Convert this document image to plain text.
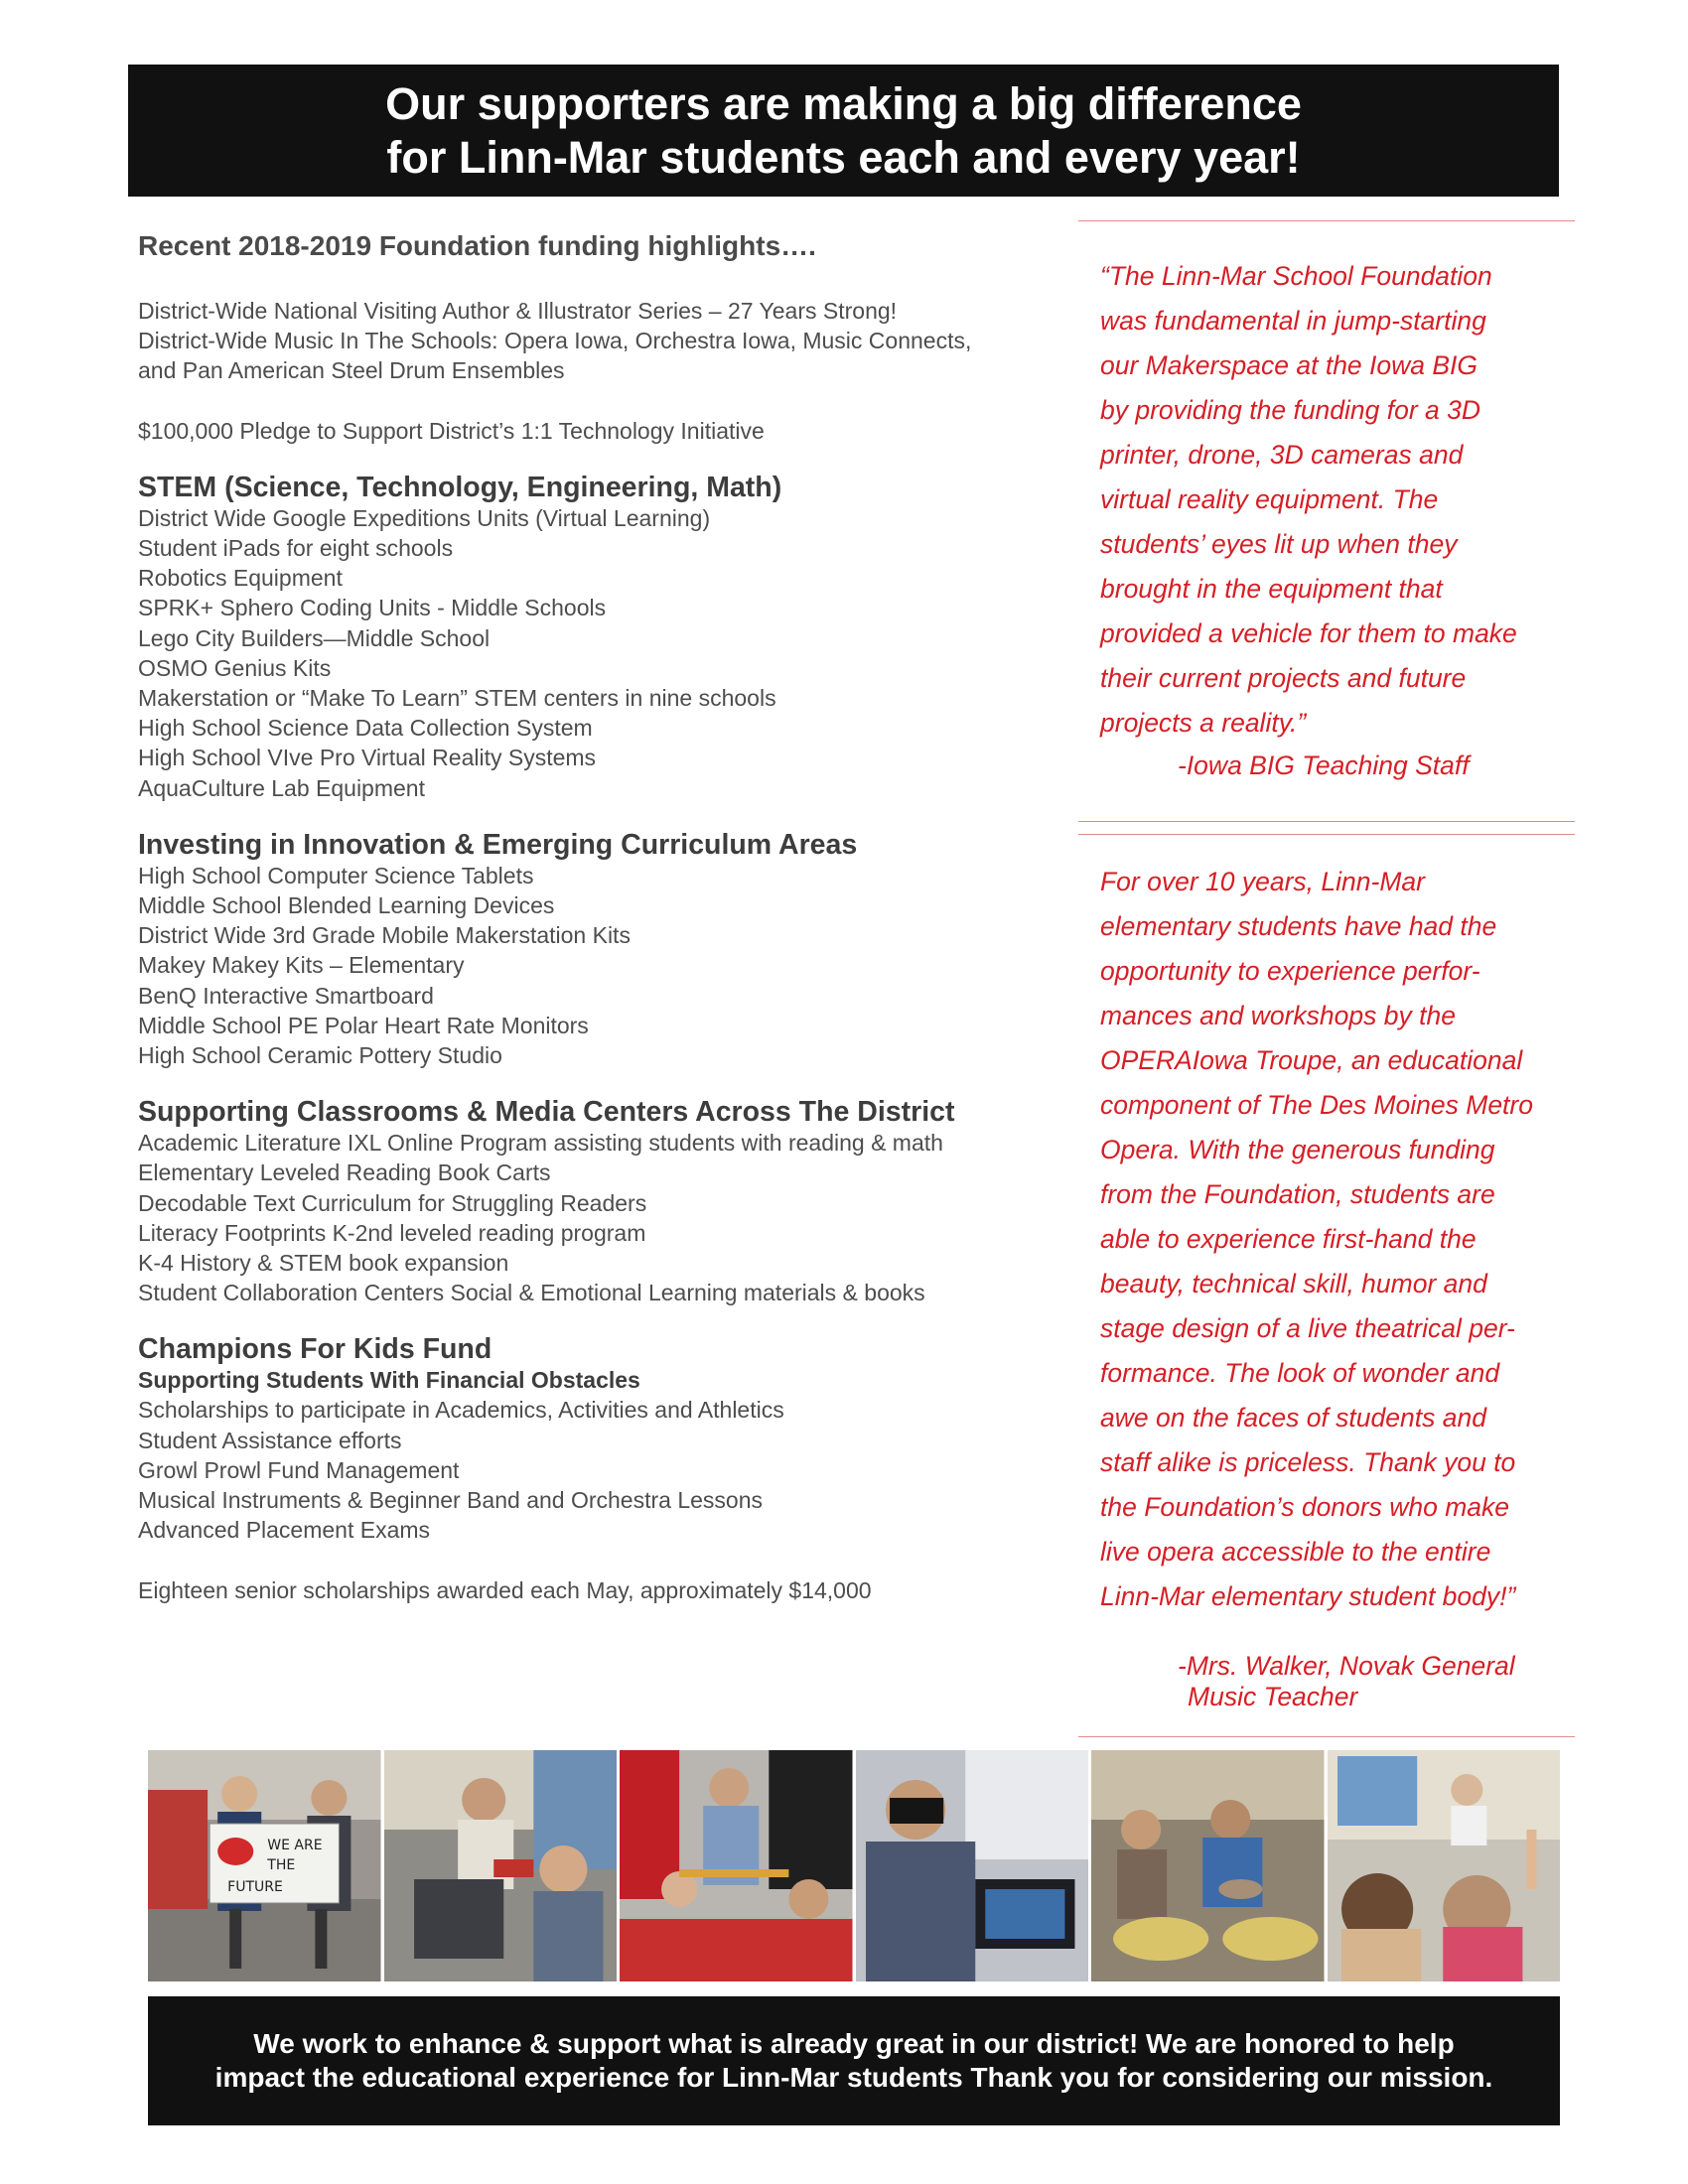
Our supporters are making a big difference
for Linn-Mar students each and every year!

Recent 2018-2019 Foundation funding highlights….

District-Wide National Visiting Author & Illustrator Series – 27 Years Strong!

District-Wide Music In The Schools: Opera Iowa, Orchestra Iowa, Music Connects,

and Pan American Steel Drum Ensembles

$100,000 Pledge to Support District’s 1:1 Technology Initiative

STEM (Science, Technology, Engineering, Math)

District Wide Google Expeditions Units (Virtual Learning)

Student iPads for eight schools

Robotics Equipment

SPRK+ Sphero Coding Units - Middle Schools

Lego City Builders—Middle School

OSMO Genius Kits

Makerstation or “Make To Learn” STEM centers in nine schools

High School Science Data Collection System

High School VIve Pro Virtual Reality Systems

AquaCulture Lab Equipment

Investing in Innovation & Emerging Curriculum Areas

High School Computer Science Tablets

Middle School Blended Learning Devices

District Wide 3rd Grade Mobile Makerstation Kits

Makey Makey Kits – Elementary

BenQ Interactive Smartboard

Middle School PE Polar Heart Rate Monitors

High School Ceramic Pottery Studio

Supporting Classrooms & Media Centers Across The District

Academic Literature IXL Online Program assisting students with reading & math

Elementary Leveled Reading Book Carts

Decodable Text Curriculum for Struggling Readers

Literacy Footprints K-2nd leveled reading program

K-4 History & STEM book expansion

Student Collaboration Centers Social & Emotional Learning materials & books

Champions For Kids Fund

Supporting Students With Financial Obstacles

Scholarships to participate in Academics, Activities and Athletics

Student Assistance efforts

Growl Prowl Fund Management

Musical Instruments & Beginner Band and Orchestra Lessons

Advanced Placement Exams

Eighteen senior scholarships awarded each May, approximately $14,000

“The Linn-Mar School Foundation

was fundamental in jump-starting

our Makerspace at the Iowa BIG

by providing the funding for a 3D

printer, drone, 3D cameras and

virtual reality equipment. The

students’ eyes lit up when they

brought in the equipment that

provided a vehicle for them to make

their current projects and future

projects a reality.”

-Iowa BIG Teaching Staff

For over 10 years, Linn-Mar

elementary students have had the

opportunity to experience perfor-

mances and workshops by the

OPERAIowa Troupe, an educational

component of The Des Moines Metro

Opera. With the generous funding

from the Foundation, students are

able to experience first-hand the

beauty, technical skill, humor and

stage design of a live theatrical per-

formance. The look of wonder and

awe on the faces of students and

staff alike is priceless. Thank you to

the Foundation’s donors who make

live opera accessible to the entire

Linn-Mar elementary student body!”

-Mrs. Walker, Novak General
Music Teacher
WE ARE
THE
FUTURE
We work to enhance & support what is already great in our district! We are honored to help
impact the educational experience for Linn-Mar students Thank you for considering our mission.
